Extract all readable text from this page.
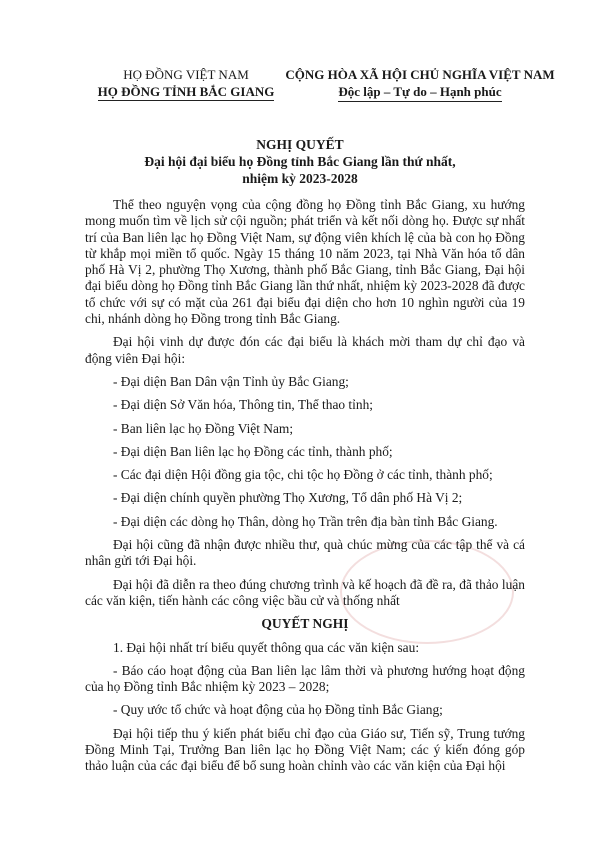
HỌ ĐỒNG VIỆT NAM
HỌ ĐỒNG TỈNH BẮC GIANG
CỘNG HÒA XÃ HỘI CHỦ NGHĨA VIỆT NAM
Độc lập – Tự do – Hạnh phúc
NGHỊ QUYẾT
Đại hội đại biểu họ Đồng tỉnh Bắc Giang lần thứ nhất,
nhiệm kỳ 2023-2028

Thể theo nguyện vọng của cộng đồng họ Đồng tỉnh Bắc Giang, xu hướng mong muốn tìm về lịch sử cội nguồn; phát triển và kết nối dòng họ. Được sự nhất trí của Ban liên lạc họ Đồng Việt Nam, sự động viên khích lệ của bà con họ Đồng từ khắp mọi miền tổ quốc. Ngày 15 tháng 10 năm 2023, tại Nhà Văn hóa tổ dân phố Hà Vị 2, phường Thọ Xương, thành phố Bắc Giang, tỉnh Bắc Giang, Đại hội đại biểu dòng họ Đồng tỉnh Bắc Giang lần thứ nhất, nhiệm kỳ 2023-2028 đã được tổ chức với sự có mặt của 261 đại biểu đại diện cho hơn 10 nghìn người của 19 chi, nhánh dòng họ Đồng trong tỉnh Bắc Giang.

Đại hội vinh dự được đón các đại biểu là khách mời tham dự chỉ đạo và động viên Đại hội:

- Đại diện Ban Dân vận Tỉnh ủy Bắc Giang;

- Đại diện Sở Văn hóa, Thông tin, Thể thao tỉnh;

- Ban liên lạc họ Đồng Việt Nam;

- Đại diện Ban liên lạc họ Đồng các tỉnh, thành phố;

- Các đại diện Hội đồng gia tộc, chi tộc họ Đồng ở các tỉnh, thành phố;

- Đại diện chính quyền phường Thọ Xương, Tổ dân phố Hà Vị 2;

- Đại diện các dòng họ Thân, dòng họ Trần trên địa bàn tỉnh Bắc Giang.

Đại hội cũng đã nhận được nhiều thư, quà chúc mừng của các tập thể và cá nhân gửi tới Đại hội.

Đại hội đã diễn ra theo đúng chương trình và kế hoạch đã đề ra, đã thảo luận các văn kiện, tiến hành các công việc bầu cử và thống nhất

QUYẾT NGHỊ

1. Đại hội nhất trí biểu quyết thông qua các văn kiện sau:

- Báo cáo hoạt động của Ban liên lạc lâm thời và phương hướng hoạt động của họ Đồng tỉnh Bắc nhiệm kỳ 2023 – 2028;

- Quy ước tổ chức và hoạt động của họ Đồng tỉnh Bắc Giang;

Đại hội tiếp thu ý kiến phát biểu chỉ đạo của Giáo sư, Tiến sỹ, Trung tướng Đồng Minh Tại, Trưởng Ban liên lạc họ Đồng Việt Nam; các ý kiến đóng góp thảo luận của các đại biểu để bổ sung hoàn chỉnh vào các văn kiện của Đại hội
